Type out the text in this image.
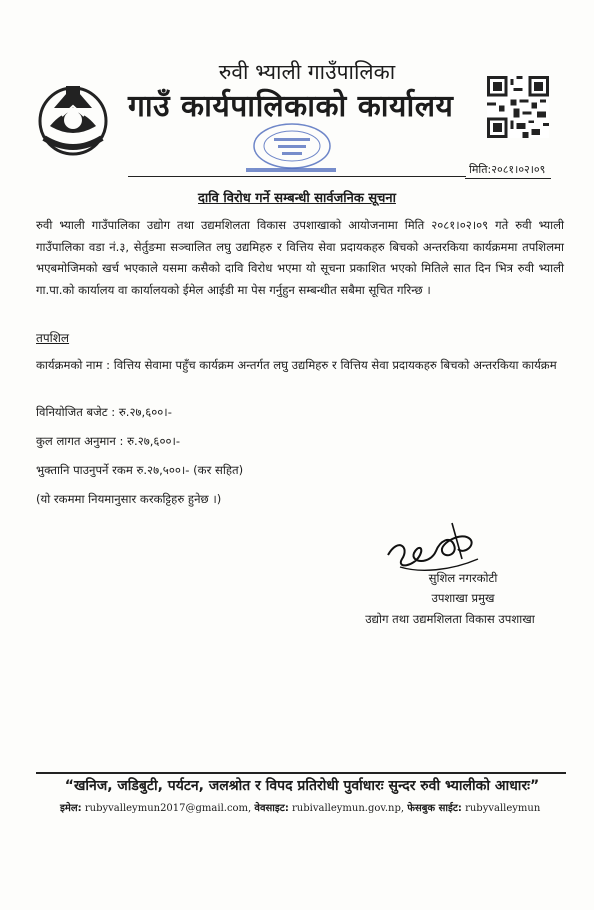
रुवी भ्याली गाउँपालिका
गाउँ कार्यपालिकाको कार्यालय
मिति:२०८१।०२।०९
दावि विरोध गर्ने सम्बन्धी सार्वजनिक सूचना
रुवी भ्याली गाउँपालिका उद्योग तथा उद्यमशिलता विकास उपशाखाको आयोजनामा मिति २०८१।०२।०९ गते रुवी भ्याली गाउँपालिका वडा नं.३, सेर्तुङमा सञ्चालित लघु उद्यमिहरु र वित्तिय सेवा प्रदायकहरु बिचको अन्तरकिया कार्यक्रममा तपशिलमा भएबमोजिमको खर्च भएकाले यसमा कसैको दावि विरोध भएमा यो सूचना प्रकाशित भएको मितिले सात दिन भित्र रुवी भ्याली गा.पा.को कार्यालय वा कार्यालयको ईमेल आईडी मा पेस गर्नुहुन सम्बन्धीत सबैमा सूचित गरिन्छ ।
तपशिल
कार्यक्रमको नाम : वित्तिय सेवामा पहुँच कार्यक्रम अन्तर्गत लघु उद्यमिहरु र वित्तिय सेवा प्रदायकहरु बिचको अन्तरकिया कार्यक्रम
विनियोजित बजेट : रु.२७,६००।-
कुल लागत अनुमान : रु.२७,६००।-
भुक्तानि पाउनुपर्ने रकम रु.२७,५००।- (कर सहित)
(यो रकममा नियमानुसार करकट्टिहरु हुनेछ ।)
सुशिल नगरकोटी
उपशाखा प्रमुख
उद्योग तथा उद्यमशिलता विकास उपशाखा
“खनिज, जडिबुटी, पर्यटन, जलश्रोत र विपद प्रतिरोधी पुर्वाधारः सुन्दर रुवी भ्यालीको आधारः”
इमेल: rubyvalleymun2017@gmail.com, वेवसाइट: rubivalleymun.gov.np, फेसबुक साईट: rubyvalleymun
